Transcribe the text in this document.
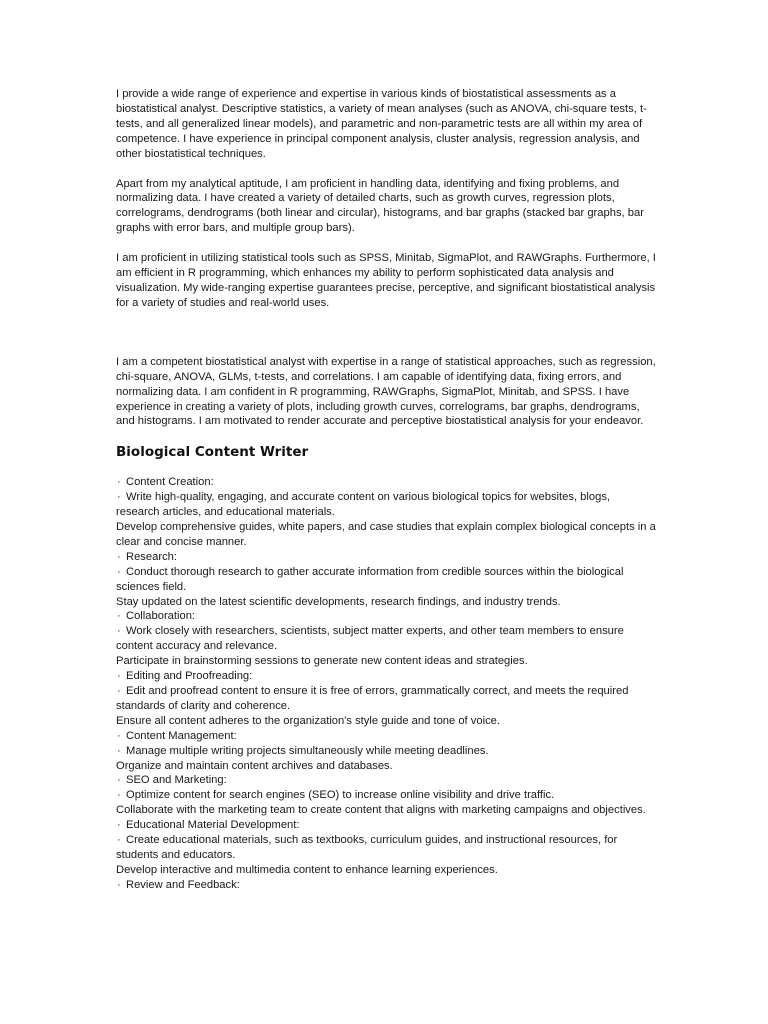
I provide a wide range of experience and expertise in various kinds of biostatistical assessments as a biostatistical analyst. Descriptive statistics, a variety of mean analyses (such as ANOVA, chi-square tests, t-tests, and all generalized linear models), and parametric and non-parametric tests are all within my area of competence. I have experience in principal component analysis, cluster analysis, regression analysis, and other biostatistical techniques.

Apart from my analytical aptitude, I am proficient in handling data, identifying and fixing problems, and normalizing data. I have created a variety of detailed charts, such as growth curves, regression plots, correlograms, dendrograms (both linear and circular), histograms, and bar graphs (stacked bar graphs, bar graphs with error bars, and multiple group bars).

I am proficient in utilizing statistical tools such as SPSS, Minitab, SigmaPlot, and RAWGraphs. Furthermore, I am efficient in R programming, which enhances my ability to perform sophisticated data analysis and visualization. My wide-ranging expertise guarantees precise, perceptive, and significant biostatistical analysis for a variety of studies and real-world uses.

I am a competent biostatistical analyst with expertise in a range of statistical approaches, such as regression, chi-square, ANOVA, GLMs, t-tests, and correlations. I am capable of identifying data, fixing errors, and normalizing data. I am confident in R programming, RAWGraphs, SigmaPlot, Minitab, and SPSS. I have experience in creating a variety of plots, including growth curves, correlograms, bar graphs, dendrograms, and histograms. I am motivated to render accurate and perceptive biostatistical analysis for your endeavor.

Biological Content Writer
· Content Creation:
· Write high-quality, engaging, and accurate content on various biological topics for websites, blogs, research articles, and educational materials.
Develop comprehensive guides, white papers, and case studies that explain complex biological concepts in a clear and concise manner.
· Research:
· Conduct thorough research to gather accurate information from credible sources within the biological sciences field.
Stay updated on the latest scientific developments, research findings, and industry trends.
· Collaboration:
· Work closely with researchers, scientists, subject matter experts, and other team members to ensure content accuracy and relevance.
Participate in brainstorming sessions to generate new content ideas and strategies.
· Editing and Proofreading:
· Edit and proofread content to ensure it is free of errors, grammatically correct, and meets the required standards of clarity and coherence.
Ensure all content adheres to the organization's style guide and tone of voice.
· Content Management:
· Manage multiple writing projects simultaneously while meeting deadlines.
Organize and maintain content archives and databases.
· SEO and Marketing:
· Optimize content for search engines (SEO) to increase online visibility and drive traffic.
Collaborate with the marketing team to create content that aligns with marketing campaigns and objectives.
· Educational Material Development:
· Create educational materials, such as textbooks, curriculum guides, and instructional resources, for students and educators.
Develop interactive and multimedia content to enhance learning experiences.
· Review and Feedback:
